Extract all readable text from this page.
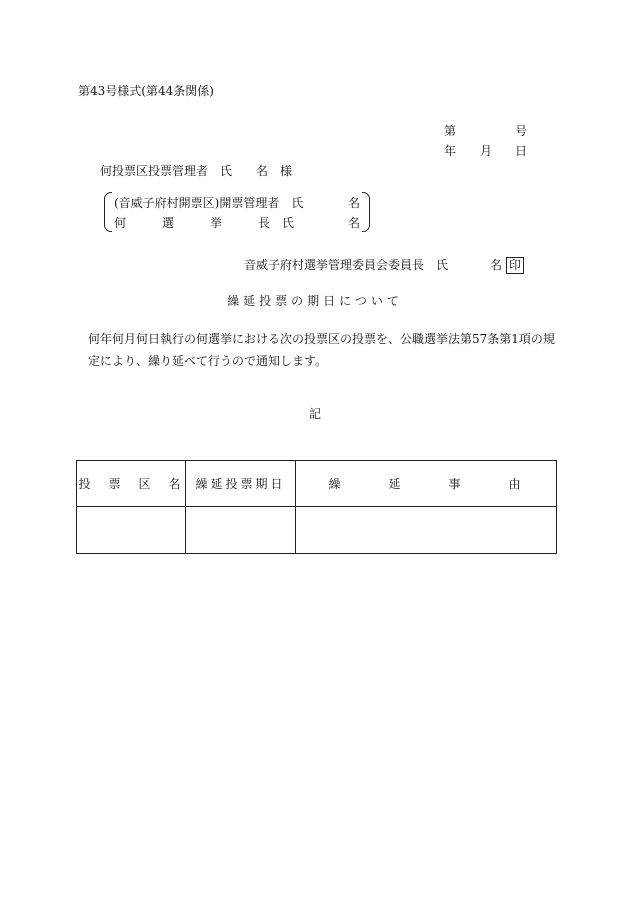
第43号様式(第44条関係)
第	号
年 月 日
何投票区投票管理者　氏　　名　様
(音威子府村開票区)開票管理者　氏	名
何　　　選　　　挙　　　長　氏	名
音威子府村選挙管理委員会委員長　氏	名 印
繰延投票の期日について
何年何月何日執行の何選挙における次の投票区の投票を、公職選挙法第57条第1項の規定により、繰り延べて行うので通知します。
記
投　票　区　名	繰延投票期日	繰　　　延　　　事　　　由
